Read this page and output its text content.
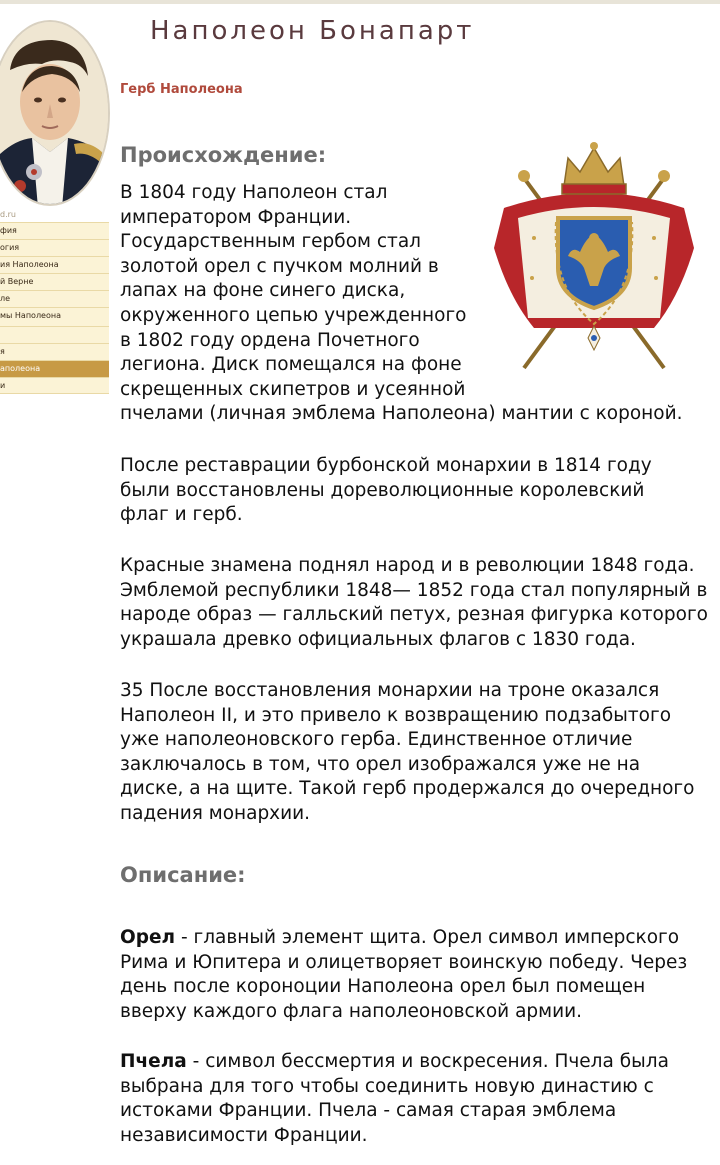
Наполеон Бонапарт
d.ru
фия
огия
ия Наполеона
й Верне
ле
мы Наполеона
я
аполеона
и
Герб Наполеона
Происхождение:
В 1804 году Наполеон стал
императором Франции.
Государственным гербом стал
золотой орел с пучком молний в
лапах на фоне синего диска,
окруженного цепью учрежденного
в 1802 году ордена Почетного
легиона. Диск помещался на фоне
скрещенных скипетров и усеянной
пчелами (личная эмблема Наполеона) мантии с короной.
После реставрации бурбонской монархии в 1814 году
были восстановлены дореволюционные королевский
флаг и герб.
Красные знамена поднял народ и в революции 1848 года.
Эмблемой республики 1848— 1852 года стал популярный в
народе образ — галльский петух, резная фигурка которого
украшала древко официальных флагов с 1830 года.
35 После восстановления монархии на троне оказался
Наполеон II, и это привело к возвращению подзабытого
уже наполеоновского герба. Единственное отличие
заключалось в том, что орел изображался уже не на
диске, а на щите. Такой герб продержался до очередного
падения монархии.
Описание:
Орел - главный элемент щита. Орел символ имперского
Рима и Юпитера и олицетворяет воинскую победу. Через
день после короноции Наполеона орел был помещен
вверху каждого флага наполеоновской армии.
Пчела - символ бессмертия и воскресения. Пчела была
выбрана для того чтобы соединить новую династию с
истоками Франции. Пчела - самая старая эмблема
независимости Франции.
